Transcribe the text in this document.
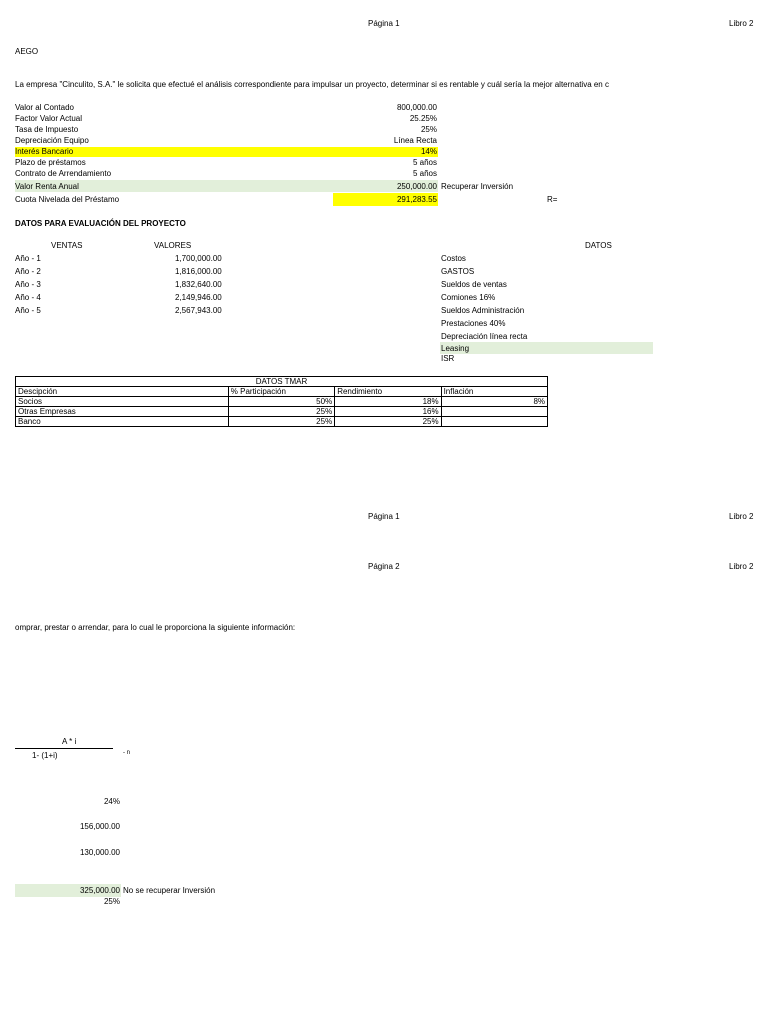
Página 1	Libro 2
AEGO
La empresa "Cinculito, S.A." le solicita que efectué el análisis correspondiente para impulsar un proyecto, determinar si es rentable y cuál sería la mejor alternativa en c
Valor al Contado	800,000.00
Factor Valor Actual	25.25%
Tasa de Impuesto	25%
Depreciación Equipo	Línea Recta
Interés Bancario	14%
Plazo de préstamos	5 años
Contrato de Arrendamiento	5 años
Valor Renta Anual	250,000.00 Recuperar Inversión
Cuota Nivelada del Préstamo	291,283.55	R=
DATOS PARA EVALUACIÓN DEL PROYECTO
VENTAS	VALORES
Año - 1	1,700,000.00
Año - 2	1,816,000.00
Año - 3	1,832,640.00
Año - 4	2,149,946.00
Año - 5	2,567,943.00
DATOS
Costos
GASTOS
Sueldos de ventas
Comiones 16%
Sueldos Administración
Prestaciones 40%
Depreciación línea recta
Leasing
ISR
DATOS TMAR			
Descipción	% Participación	Rendimiento	Inflación
Socios	50%	18%	8%
Otras Empresas	25%	16%	
Banco	25%	25%	
Página 1	Libro 2
Página 2	Libro 2
omprar, prestar o arrendar, para lo cual le proporciona la siguiente información:
A * i
1- (1+i)	- n
24%
156,000.00
130,000.00
325,000.00 No se recuperar Inversión
25%
